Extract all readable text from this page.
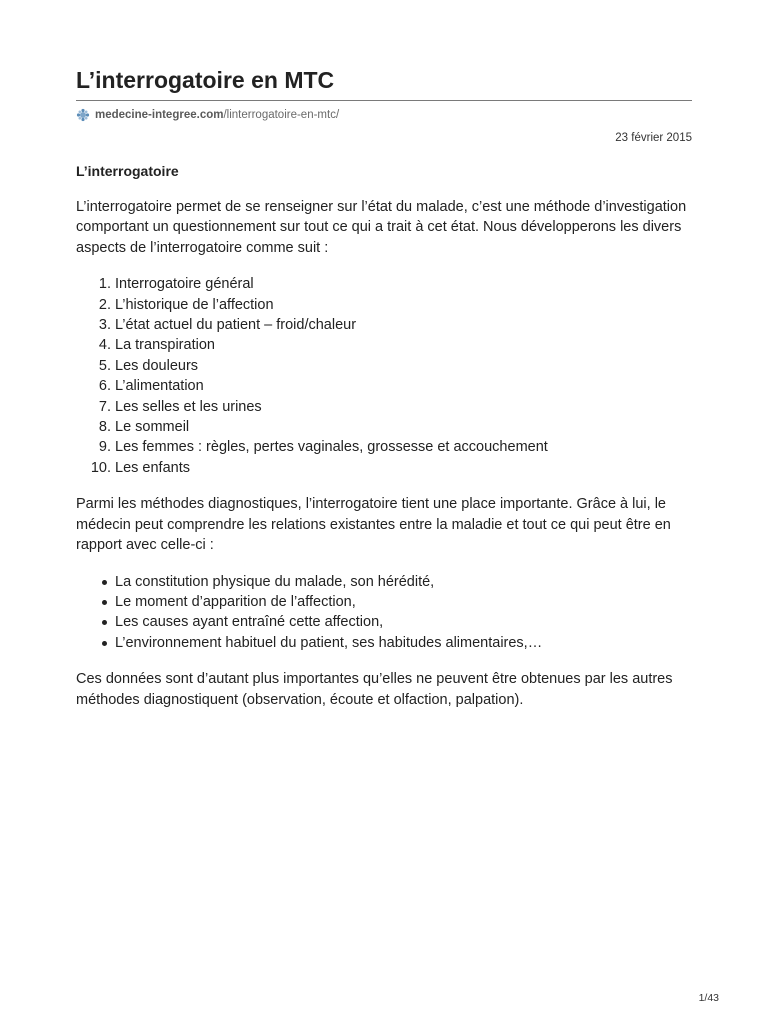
L’interrogatoire en MTC
medecine-integree.com /linterrogatoire-en-mtc/
23 février 2015
L’interrogatoire

L’interrogatoire permet de se renseigner sur l’état du malade, c’est une méthode d’investigation comportant un questionnement sur tout ce qui a trait à cet état. Nous développerons les divers aspects de l’interrogatoire comme suit :

1. Interrogatoire général
2. L’historique de l’affection
3. L’état actuel du patient – froid/chaleur
4. La transpiration
5. Les douleurs
6. L’alimentation
7. Les selles et les urines
8. Le sommeil
9. Les femmes : règles, pertes vaginales, grossesse et accouchement
10. Les enfants

Parmi les méthodes diagnostiques, l’interrogatoire tient une place importante. Grâce à lui, le médecin peut comprendre les relations existantes entre la maladie et tout ce qui peut être en rapport avec celle-ci :

La constitution physique du malade, son hérédité,
Le moment d’apparition de l’affection,
Les causes ayant entraîné cette affection,
L’environnement habituel du patient, ses habitudes alimentaires,…

Ces données sont d’autant plus importantes qu’elles ne peuvent être obtenues par les autres méthodes diagnostiquent (observation, écoute et olfaction, palpation).

1/43
